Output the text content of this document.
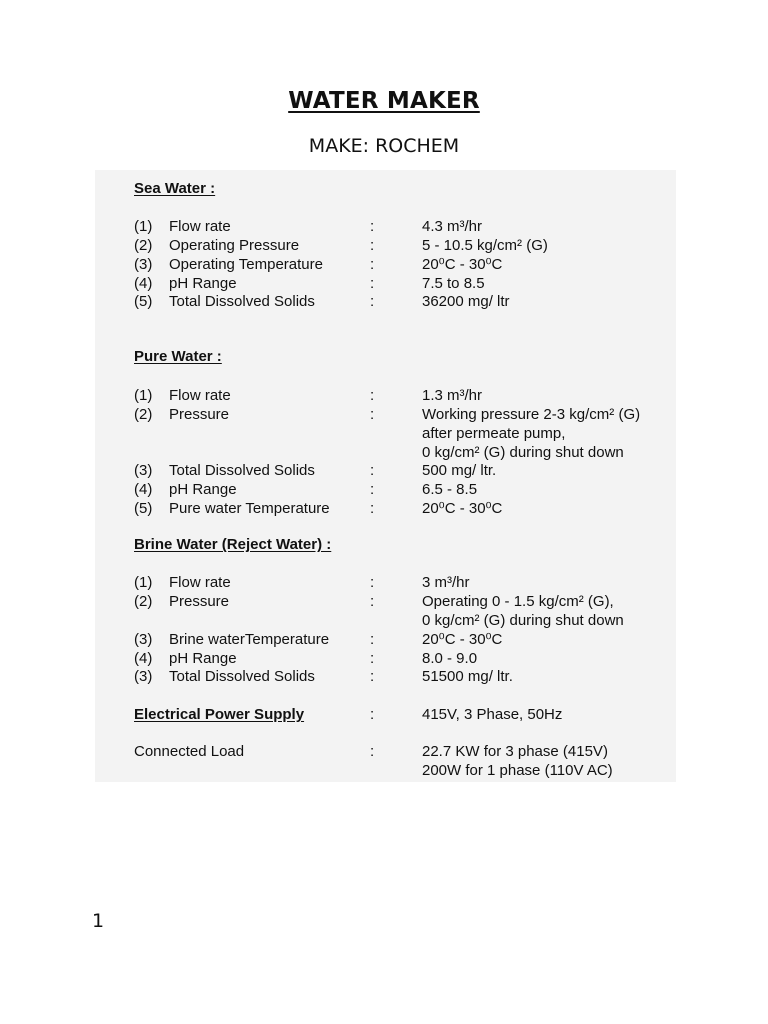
WATER MAKER
MAKE: ROCHEM
Sea Water :
(1) Flow rate	:	4.3 m³/hr
(2) Operating Pressure	:	5 - 10.5 kg/cm² (G)
(3) Operating Temperature	:	20⁰C - 30⁰C
(4) pH Range	:	7.5 to 8.5
(5) Total Dissolved Solids	:	36200 mg/ ltr
Pure Water :
(1) Flow rate	:	1.3 m³/hr
(2) Pressure	:	Working pressure 2-3 kg/cm² (G)
after permeate pump,
0 kg/cm² (G) during shut down
(3) Total Dissolved Solids	:	500 mg/ ltr.
(4) pH Range	:	6.5 - 8.5
(5) Pure water Temperature	:	20⁰C - 30⁰C
Brine Water (Reject Water) :
(1) Flow rate	:	3 m³/hr
(2) Pressure	:	Operating 0 - 1.5 kg/cm² (G),
0 kg/cm² (G) during shut down
(3) Brine waterTemperature	:	20⁰C - 30⁰C
(4) pH Range	:	8.0 - 9.0
(3) Total Dissolved Solids	:	51500 mg/ ltr.
Electrical Power Supply	:	415V, 3 Phase, 50Hz
Connected Load	:	22.7 KW for 3 phase (415V)
200W for 1 phase (110V AC)
1
